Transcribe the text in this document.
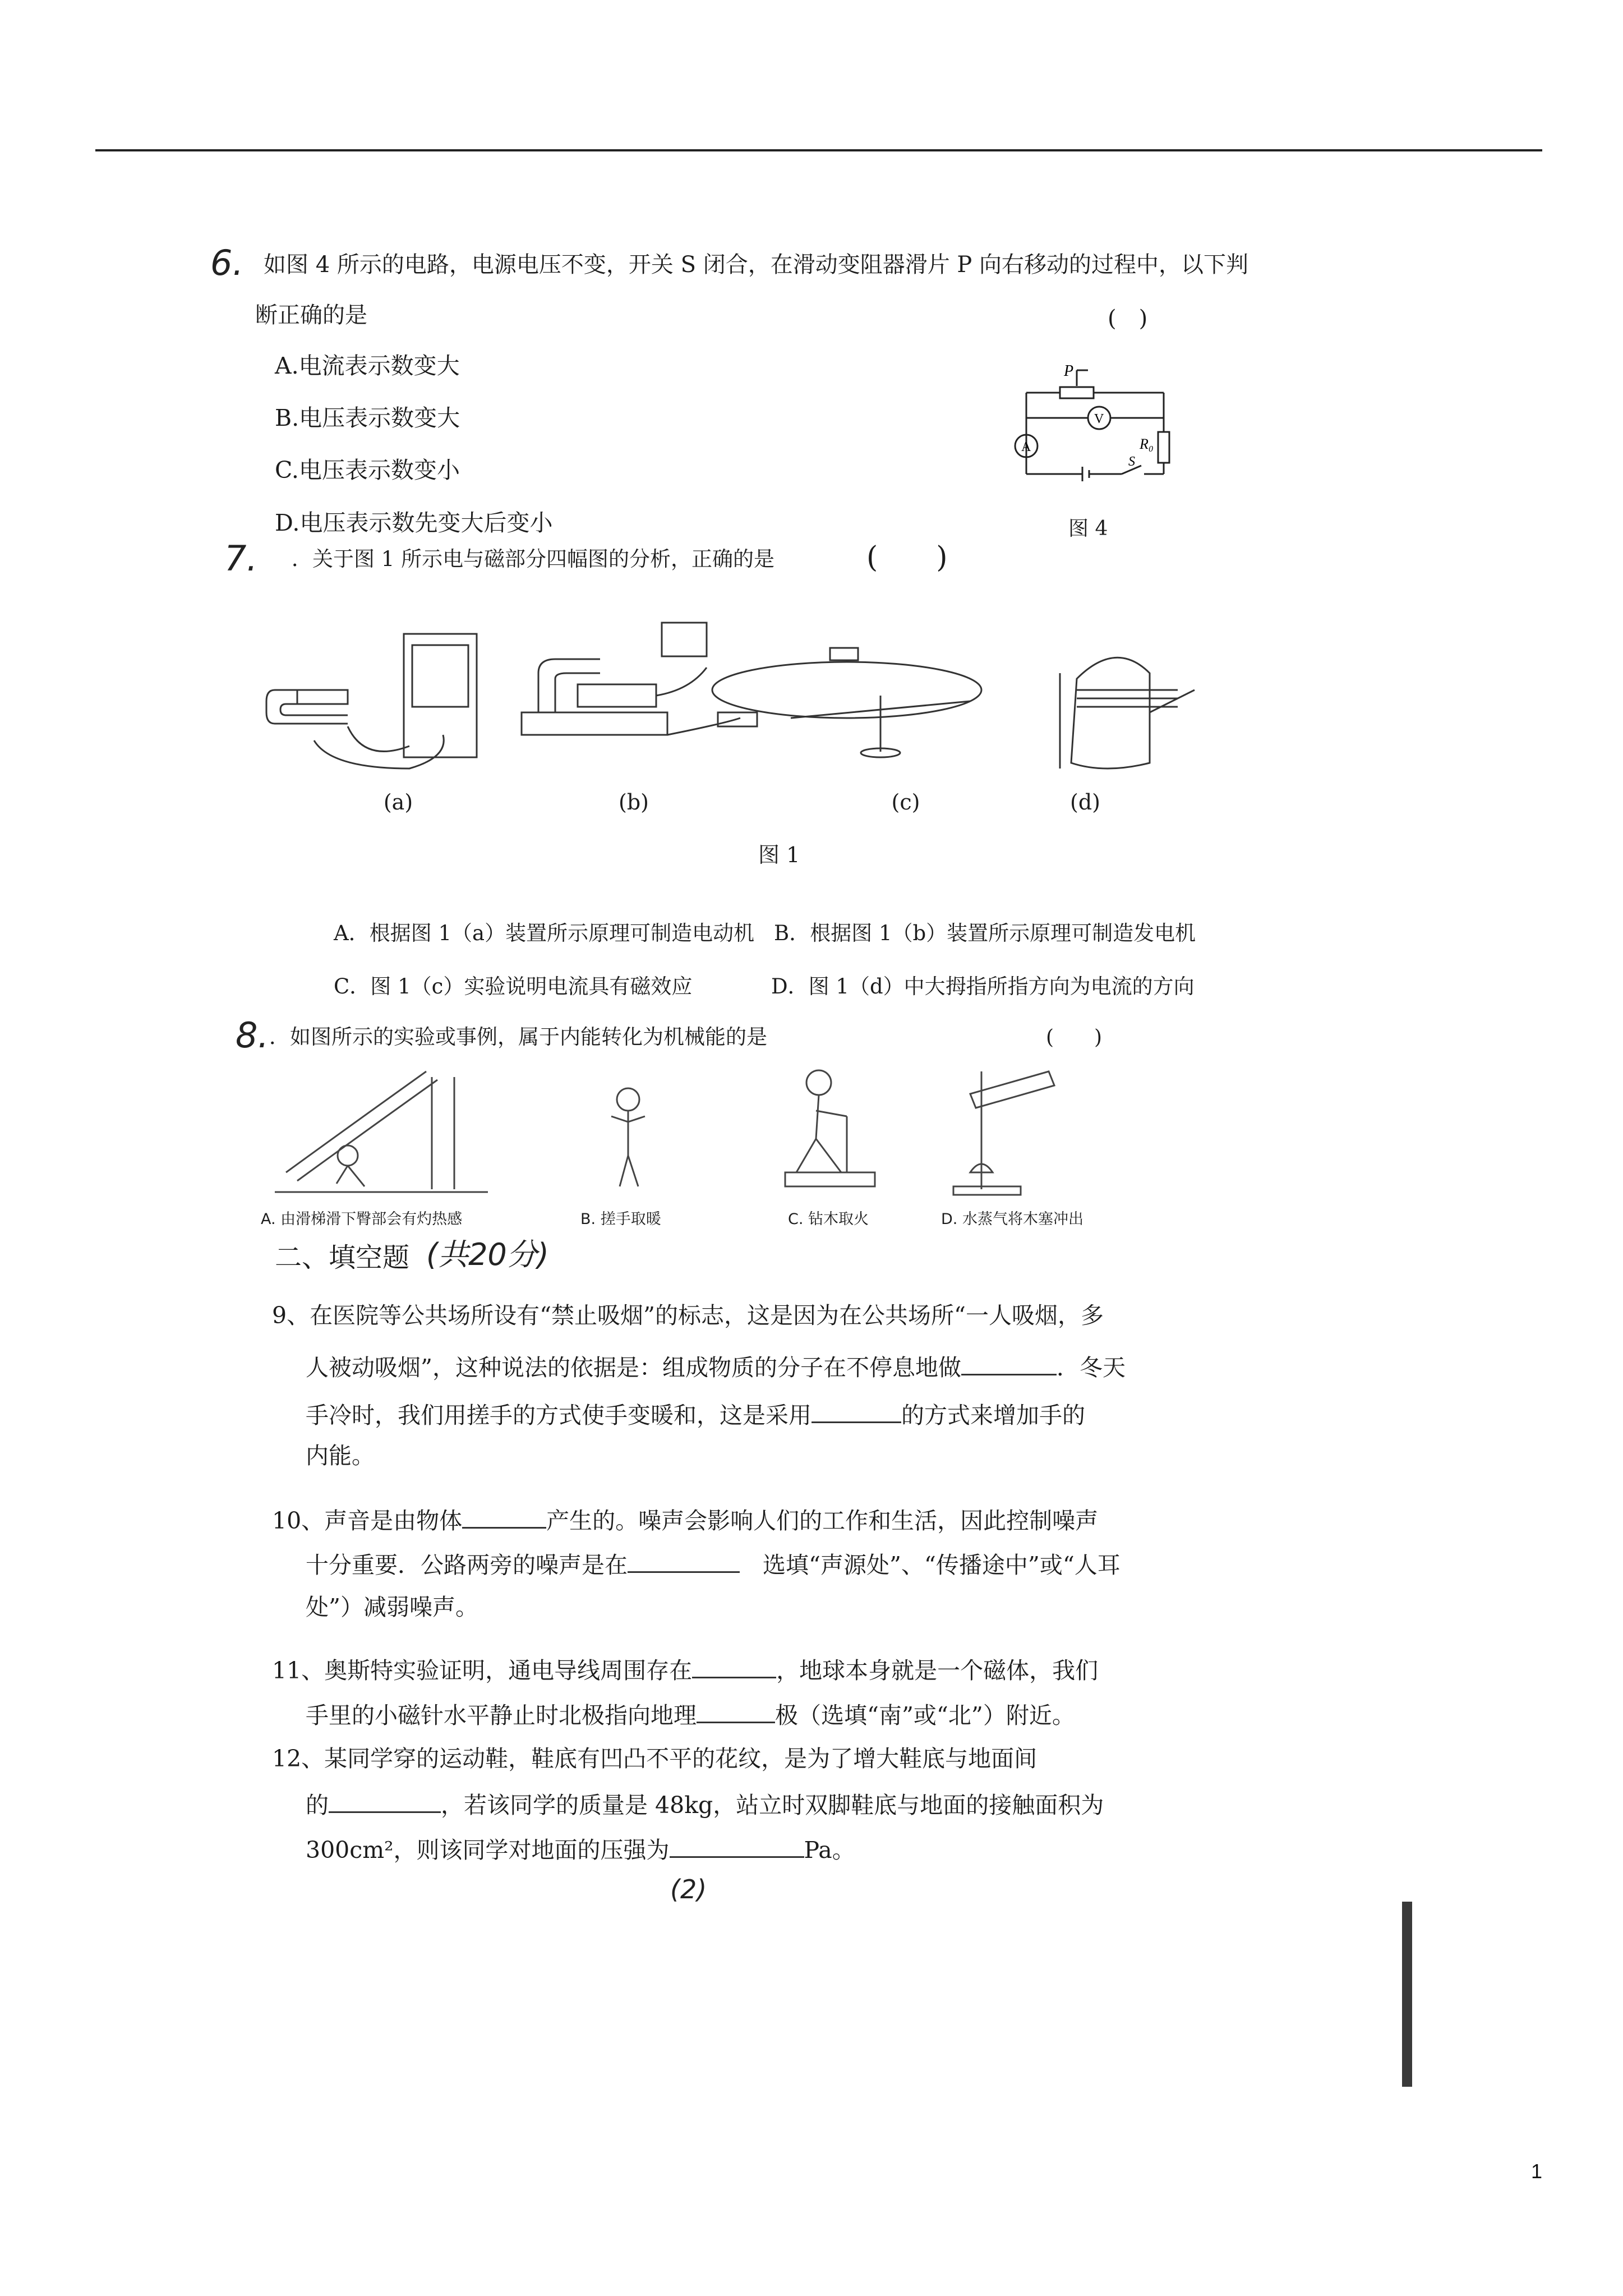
6. 如图 4 所示的电路，电源电压不变，开关 S 闭合，在滑动变阻器滑片 P 向右移动的过程中，以下判
断正确的是	(　)
A.电流表示数变大
B.电压表示数变大
C.电压表示数变小
D.电压表示数先变大后变小
P
V
A	R₀
S
图 4
7. ．关于图 1 所示电与磁部分四幅图的分析，正确的是	(　　)
(a)	(b)	(c)	(d)
图 1
A．根据图 1（a）装置所示原理可制造电动机 B．根据图 1（b）装置所示原理可制造发电机
C．图 1（c）实验说明电流具有磁效应	D．图 1（d）中大拇指所指方向为电流的方向
8. ．如图所示的实验或事例，属于内能转化为机械能的是	(　　)
A. 由滑梯滑下臀部会有灼热感	B. 搓手取暖	C. 钻木取火	D. 水蒸气将木塞冲出
二、填空题 (共20分)
9、在医院等公共场所设有“禁止吸烟”的标志，这是因为在公共场所“一人吸烟，多
人被动吸烟”，这种说法的依据是：组成物质的分子在不停息地做	．冬天
手冷时，我们用搓手的方式使手变暖和，这是采用	的方式来增加手的
内能。
10、声音是由物体	产生的。噪声会影响人们的工作和生活，因此控制噪声
十分重要．公路两旁的噪声是在　	选填“声源处”、“传播途中”或“人耳
处”）减弱噪声。
11、奥斯特实验证明，通电导线周围存在	，地球本身就是一个磁体，我们
手里的小磁针水平静止时北极指向地理	极（选填“南”或“北”）附近。
12、某同学穿的运动鞋，鞋底有凹凸不平的花纹，是为了增大鞋底与地面间
的	，若该同学的质量是 48kg，站立时双脚鞋底与地面的接触面积为
300cm²，则该同学对地面的压强为	Pa。
(2)
1
